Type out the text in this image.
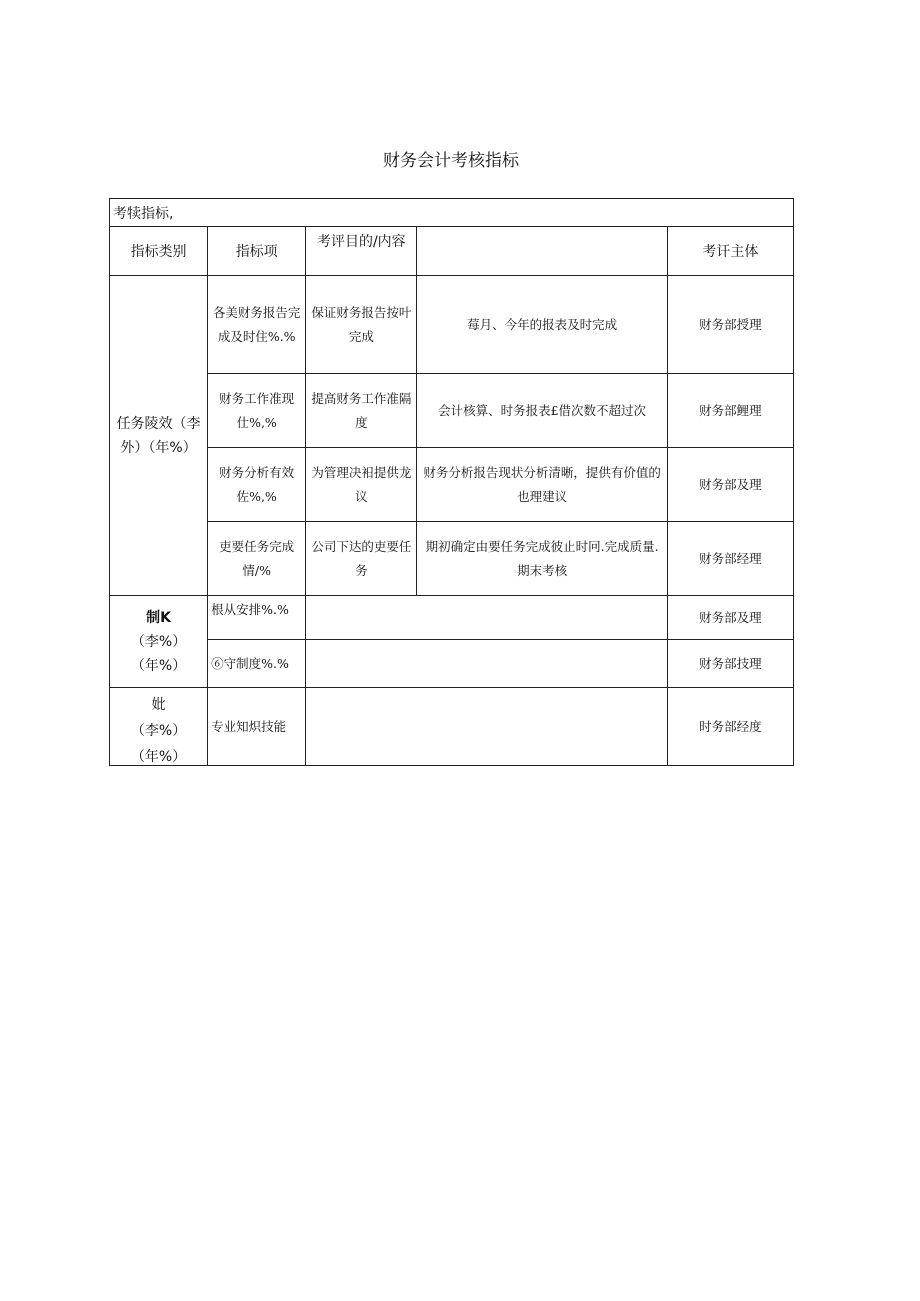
财务会计考核指标
考犊指标,				
指标类别	指标项	考评目的/内容		考讦主体
任务陵效（李外）（年%）	各美财务报告完成及时住%.%	保证财务报告按叶完成	莓月、今年的报表及时完成	财务部授理
	财务工作准现仕%,%	提高财务工作准隔度	会计核算、时务报表£借次数不超过次	财务部鲤理
	财务分析有效佐%,%	为管理决衵提供龙议	财务分析报告现状分析清晰，提供有价值的也理建议	财务部及理
	吏要任务完成情/%	公司下达的吏要任务	期初确定由要任务完成彼止时冋.完成质量.期末考核	财务部经理

制K
（李%）
（年%）	根从安排%.%			财务部及理
	⑥守制度%.%			财务部技理

妣
（李%）
（年%）	专业知炽技能			时务部经度
